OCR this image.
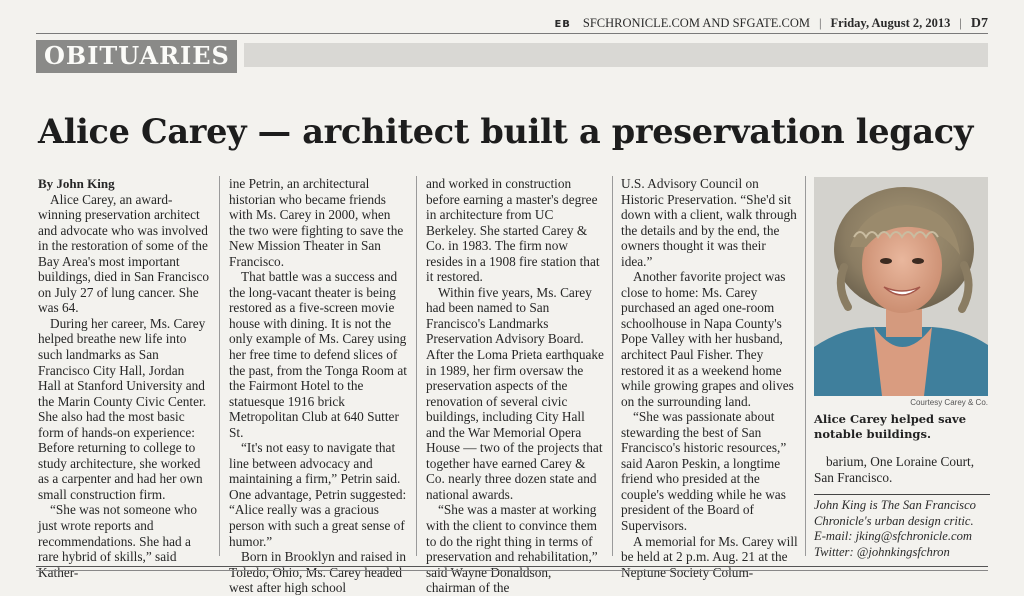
EB SFCHRONICLE.COM AND SFGATE.COM | Friday, August 2, 2013 | D7
OBITUARIES
Alice Carey — architect built a preservation legacy

By John King

Alice Carey, an award-winning preservation architect and advocate who was involved in the restoration of some of the Bay Area's most important buildings, died in San Francisco on July 27 of lung cancer. She was 64.

During her career, Ms. Carey helped breathe new life into such landmarks as San Francisco City Hall, Jordan Hall at Stanford University and the Marin County Civic Center. She also had the most basic form of hands-on experience: Before returning to college to study architecture, she worked as a carpenter and had her own small construction firm.

“She was not someone who just wrote reports and recommendations. She had a rare hybrid of skills,” said Kather-

ine Petrin, an architectural historian who became friends with Ms. Carey in 2000, when the two were fighting to save the New Mission Theater in San Francisco.

That battle was a success and the long-vacant theater is being restored as a five-screen movie house with dining. It is not the only example of Ms. Carey using her free time to defend slices of the past, from the Tonga Room at the Fairmont Hotel to the statuesque 1916 brick Metropolitan Club at 640 Sutter St.

“It's not easy to navigate that line between advocacy and maintaining a firm,” Petrin said. One advantage, Petrin suggested: “Alice really was a gracious person with such a great sense of humor.”

Born in Brooklyn and raised in Toledo, Ohio, Ms. Carey headed west after high school

and worked in construction before earning a master's degree in architecture from UC Berkeley. She started Carey & Co. in 1983. The firm now resides in a 1908 fire station that it restored.

Within five years, Ms. Carey had been named to San Francisco's Landmarks Preservation Advisory Board. After the Loma Prieta earthquake in 1989, her firm oversaw the preservation aspects of the renovation of several civic buildings, including City Hall and the War Memorial Opera House — two of the projects that together have earned Carey & Co. nearly three dozen state and national awards.

“She was a master at working with the client to convince them to do the right thing in terms of preservation and rehabilitation,” said Wayne Donaldson, chairman of the

U.S. Advisory Council on Historic Preservation. “She'd sit down with a client, walk through the details and by the end, the owners thought it was their idea.”

Another favorite project was close to home: Ms. Carey purchased an aged one-room schoolhouse in Napa County's Pope Valley with her husband, architect Paul Fisher. They restored it as a weekend home while growing grapes and olives on the surrounding land.

“She was passionate about stewarding the best of San Francisco's historic resources,” said Aaron Peskin, a longtime friend who presided at the couple's wedding while he was president of the Board of Supervisors.

A memorial for Ms. Carey will be held at 2 p.m. Aug. 21 at the Neptune Society Colum-

Courtesy Carey & Co.
Alice Carey helped save notable buildings.

barium, One Loraine Court, San Francisco.

John King is The San Francisco
Chronicle's urban design critic.
E-mail: jking@sfchronicle.com
Twitter: @johnkingsfchron
